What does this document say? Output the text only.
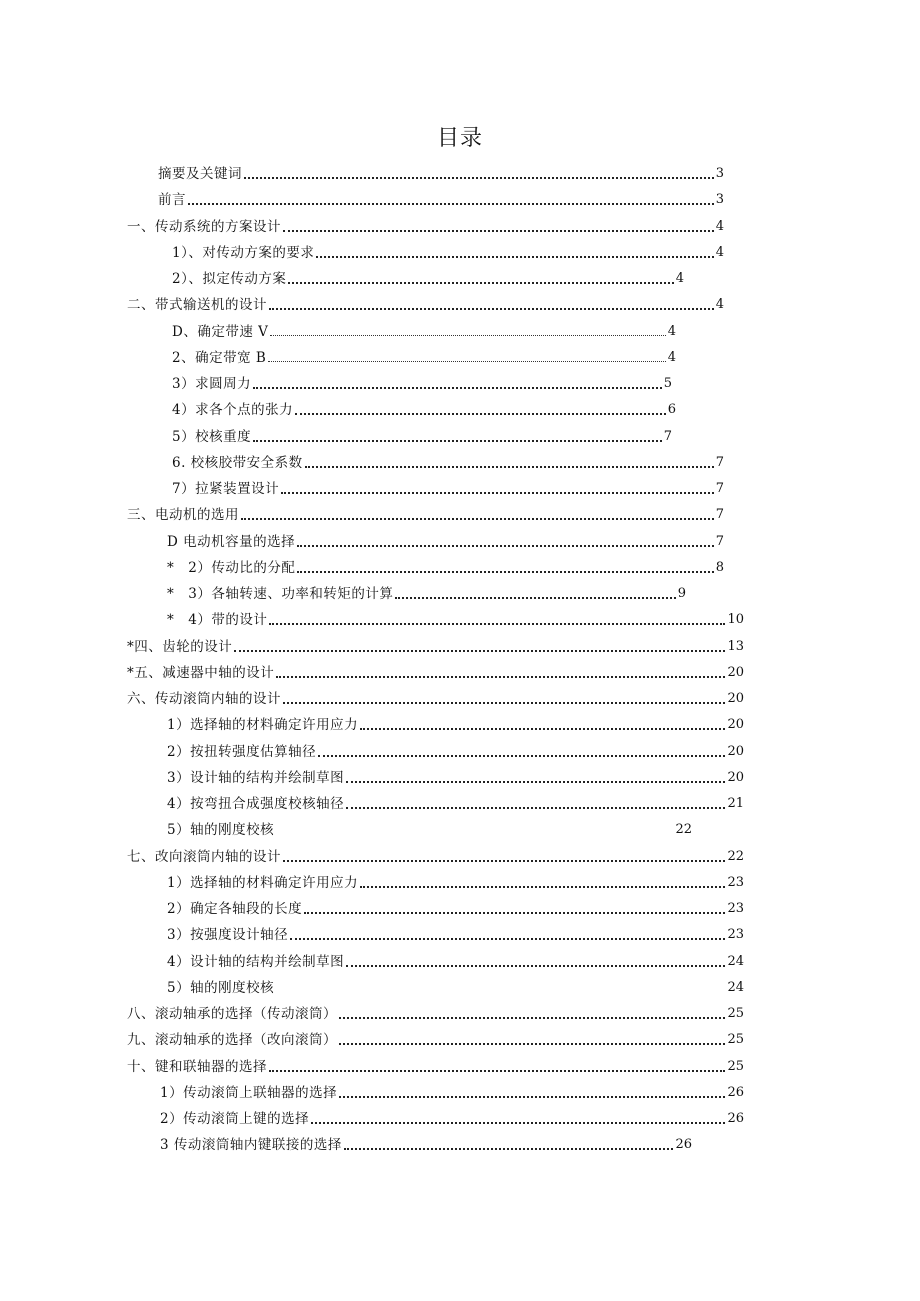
目录
摘要及关键词	3
前言	3
一、传动系统的方案设计	4
1）、对传动方案的要求	4
2）、拟定传动方案	4
二、带式输送机的设计	4
D、确定带速 V	4
2、确定带宽 B	4
3）求圆周力	5
4）求各个点的张力	6
5）校核重度	7
6. 校核胶带安全系数	7
7）拉紧装置设计	7
三、电动机的选用	7
D 电动机容量的选择	7
*　2）传动比的分配	8
*　3）各轴转速、功率和转矩的计算	9
*　4）带的设计	10
*四、齿轮的设计	13
*五、减速器中轴的设计	20
六、传动滚筒内轴的设计	20
1）选择轴的材料确定许用应力	20
2）按扭转强度估算轴径	20
3）设计轴的结构并绘制草图	20
4）按弯扭合成强度校核轴径	21
5）轴的刚度校核	22
七、改向滚筒内轴的设计	22
1）选择轴的材料确定许用应力	23
2）确定各轴段的长度	23
3）按强度设计轴径	23
4）设计轴的结构并绘制草图	24
5）轴的刚度校核	24
八、滚动轴承的选择（传动滚筒）	25
九、滚动轴承的选择（改向滚筒）	25
十、键和联轴器的选择	25
1）传动滚筒上联轴器的选择	26
2）传动滚筒上键的选择	26
3 传动滚筒轴内键联接的选择	26
